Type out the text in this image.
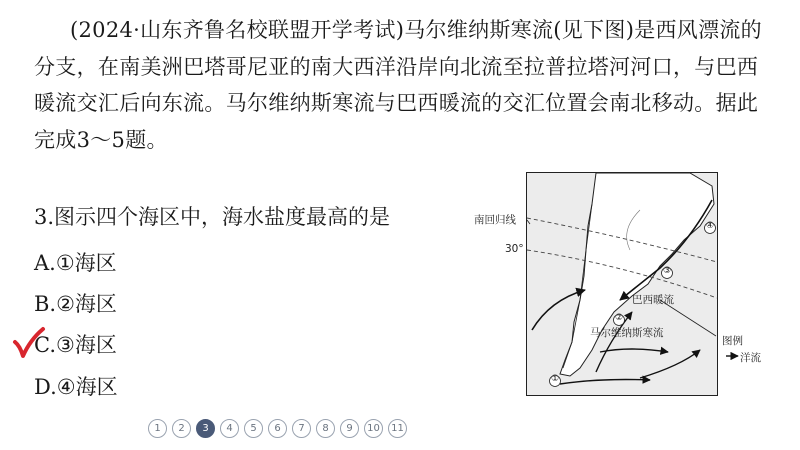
(2024·山东齐鲁名校联盟开学考试)马尔维纳斯寒流(见下图)是西风漂流的分支，在南美洲巴塔哥尼亚的南大西洋沿岸向北流至拉普拉塔河河口，与巴西暖流交汇后向东流。马尔维纳斯寒流与巴西暖流的交汇位置会南北移动。据此完成3～5题。

3.图示四个海区中，海水盐度最高的是
A.①海区
B.②海区
C.③海区
D.④海区
南回归线
30°
巴西暖流
马尔维纳斯寒流
图例
洋流
①
②
③
④
1	2	3	4	5	6	7	8	9	10	11
